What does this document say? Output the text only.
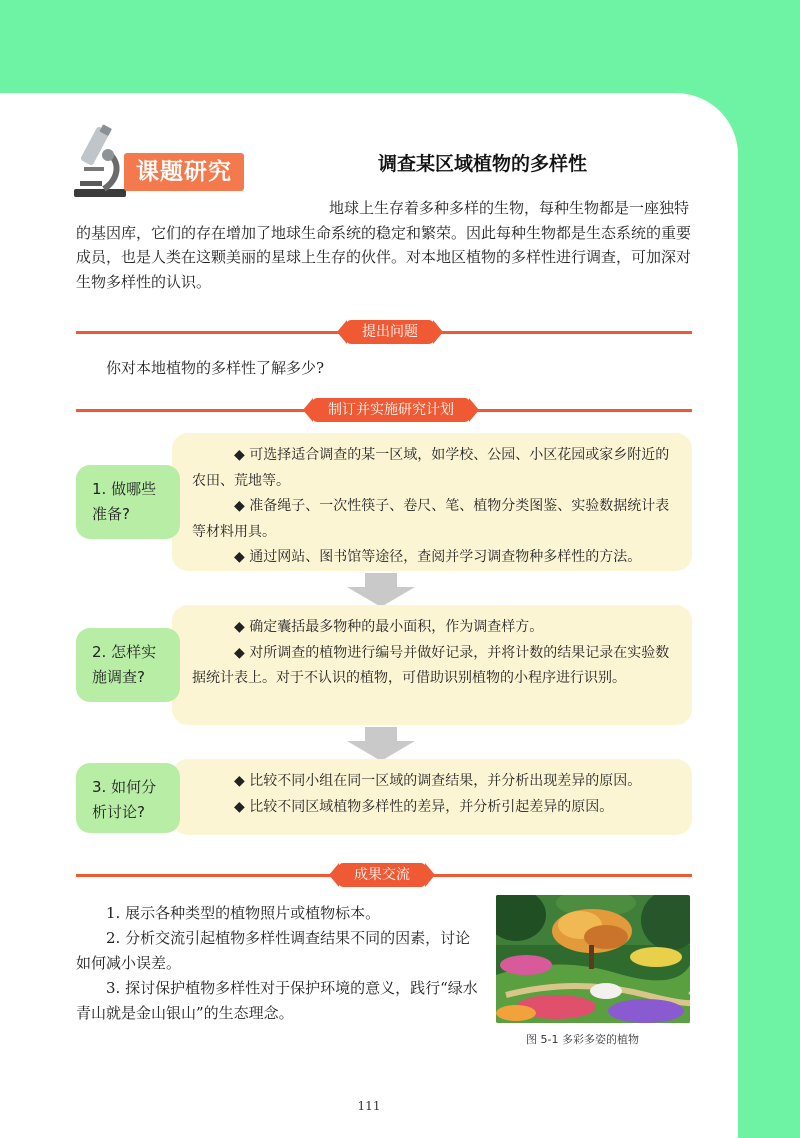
课题研究	调查某区域植物的多样性
地球上生存着多种多样的生物，每种生物都是一座独特的基因库，它们的存在增加了地球生命系统的稳定和繁荣。因此每种生物都是生态系统的重要成员，也是人类在这颗美丽的星球上生存的伙伴。对本地区植物的多样性进行调查，可加深对生物多样性的认识。
提出问题
你对本地植物的多样性了解多少?
制订并实施研究计划

◆ 可选择适合调查的某一区域，如学校、公园、小区花园或家乡附近的农田、荒地等。

◆ 准备绳子、一次性筷子、卷尺、笔、植物分类图鉴、实验数据统计表等材料用具。

◆ 通过网站、图书馆等途径，查阅并学习调查物种多样性的方法。

1. 做哪些准备?

◆ 确定囊括最多物种的最小面积，作为调查样方。

◆ 对所调查的植物进行编号并做好记录，并将计数的结果记录在实验数据统计表上。对于不认识的植物，可借助识别植物的小程序进行识别。

2. 怎样实施调查?

◆ 比较不同小组在同一区域的调查结果，并分析出现差异的原因。

◆ 比较不同区域植物多样性的差异，并分析引起差异的原因。

3. 如何分析讨论?
成果交流

1. 展示各种类型的植物照片或植物标本。

2. 分析交流引起植物多样性调查结果不同的因素，讨论如何减小误差。

3. 探讨保护植物多样性对于保护环境的意义，践行“绿水青山就是金山银山”的生态理念。

图 5-1 多彩多姿的植物
111
